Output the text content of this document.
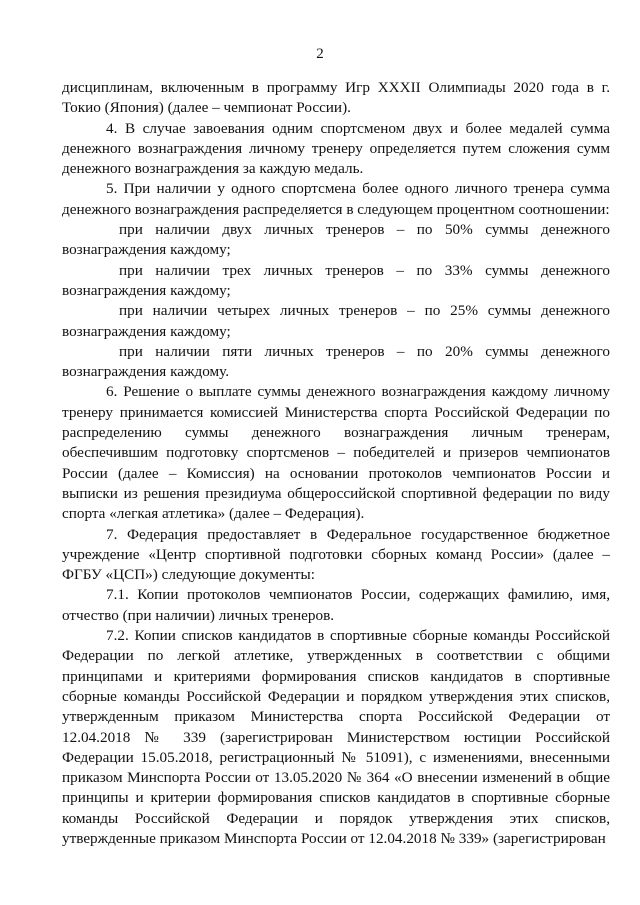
2

дисциплинам, включенным в программу Игр XXXII Олимпиады 2020 года в г. Токио (Япония) (далее – чемпионат России).

4. В случае завоевания одним спортсменом двух и более медалей сумма денежного вознаграждения личному тренеру определяется путем сложения сумм денежного вознаграждения за каждую медаль.

5. При наличии у одного спортсмена более одного личного тренера сумма денежного вознаграждения распределяется в следующем процентном соотношении:

при наличии двух личных тренеров – по 50% суммы денежного вознаграждения каждому;

при наличии трех личных тренеров – по 33% суммы денежного вознаграждения каждому;

при наличии четырех личных тренеров – по 25% суммы денежного вознаграждения каждому;

при наличии пяти личных тренеров – по 20% суммы денежного вознаграждения каждому.

6. Решение о выплате суммы денежного вознаграждения каждому личному тренеру принимается комиссией Министерства спорта Российской Федерации по распределению суммы денежного вознаграждения личным тренерам, обеспечившим подготовку спортсменов – победителей и призеров чемпионатов России (далее – Комиссия) на основании протоколов чемпионатов России и выписки из решения президиума общероссийской спортивной федерации по виду спорта «легкая атлетика» (далее – Федерация).

7. Федерация предоставляет в Федеральное государственное бюджетное учреждение «Центр спортивной подготовки сборных команд России» (далее – ФГБУ «ЦСП») следующие документы:

7.1. Копии протоколов чемпионатов России, содержащих фамилию, имя, отчество (при наличии) личных тренеров.

7.2. Копии списков кандидатов в спортивные сборные команды Российской Федерации по легкой атлетике, утвержденных в соответствии с общими принципами и критериями формирования списков кандидатов в спортивные сборные команды Российской Федерации и порядком утверждения этих списков, утвержденным приказом Министерства спорта Российской Федерации от 12.04.2018 № 339 (зарегистрирован Министерством юстиции Российской Федерации 15.05.2018, регистрационный № 51091), с изменениями, внесенными приказом Минспорта России от 13.05.2020 № 364 «О внесении изменений в общие принципы и критерии формирования списков кандидатов в спортивные сборные команды Российской Федерации и порядок утверждения этих списков, утвержденные приказом Минспорта России от 12.04.2018 № 339» (зарегистрирован
